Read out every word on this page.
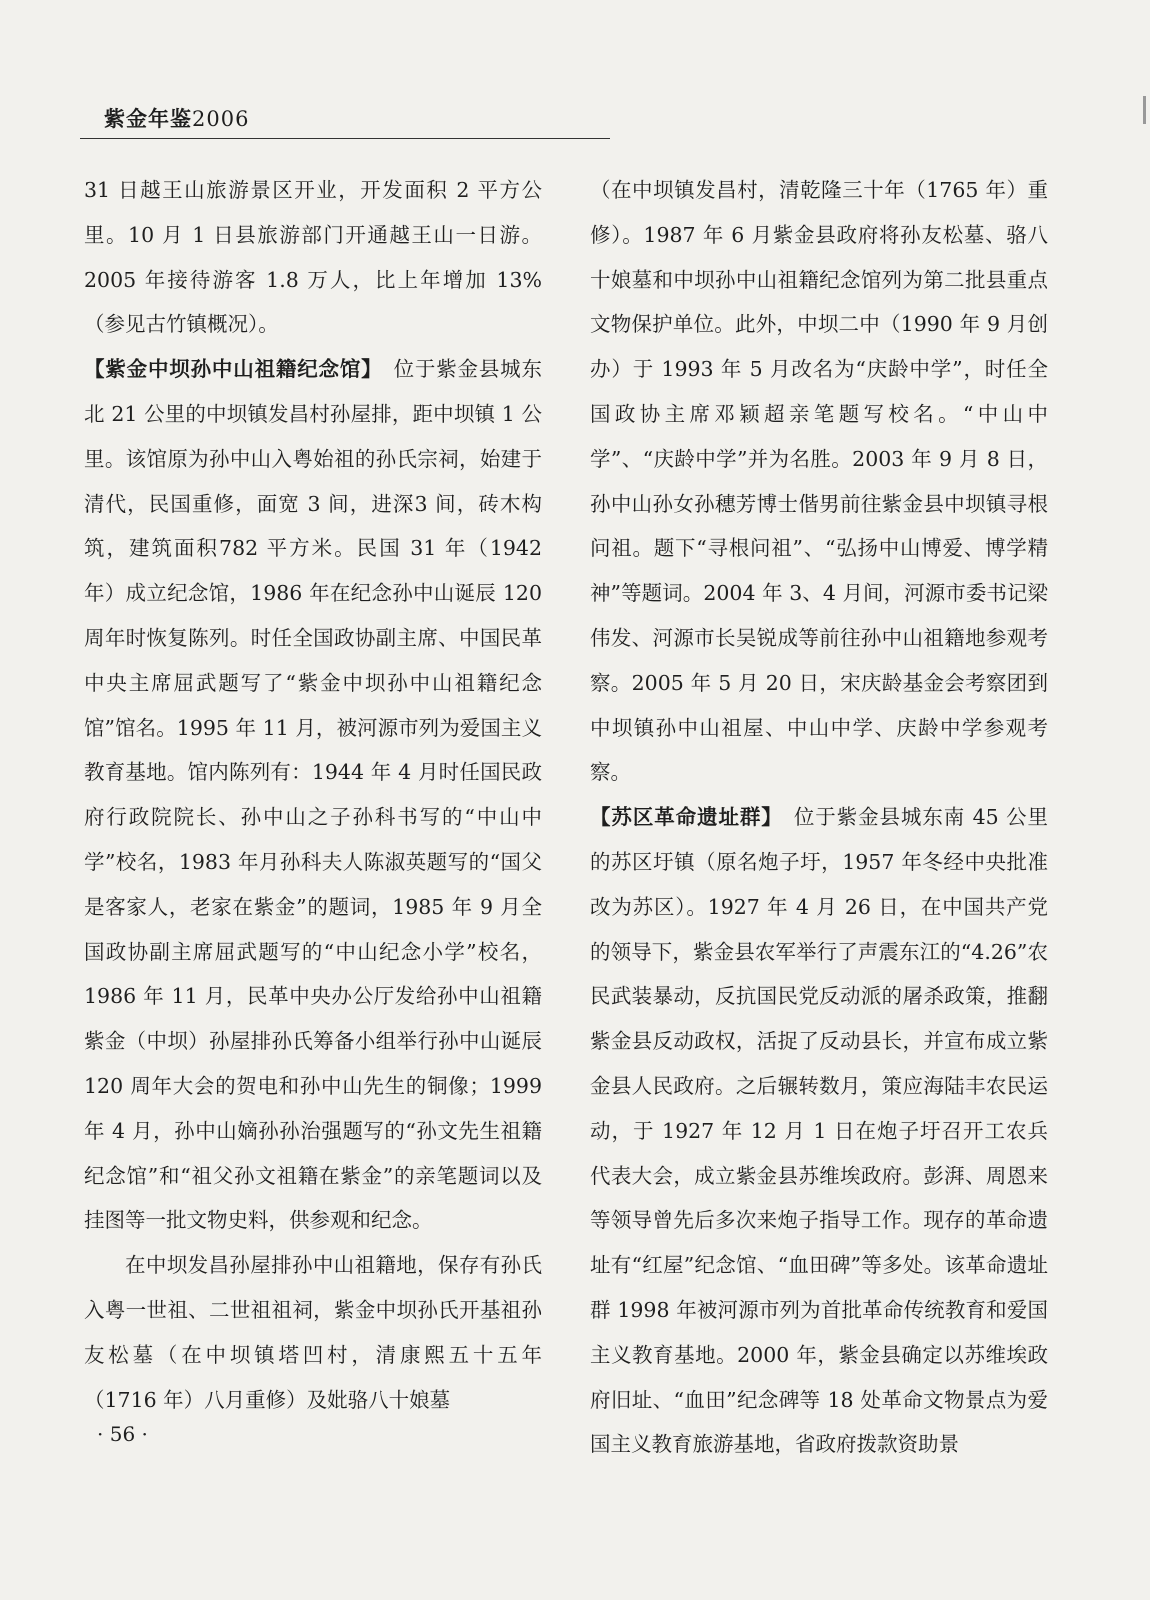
紫金年鉴2006

31 日越王山旅游景区开业，开发面积 2 平方公里。10 月 1 日县旅游部门开通越王山一日游。2005 年接待游客 1.8 万人，比上年增加 13%（参见古竹镇概况）。

【紫金中坝孙中山祖籍纪念馆】　位于紫金县城东北 21 公里的中坝镇发昌村孙屋排，距中坝镇 1 公里。该馆原为孙中山入粤始祖的孙氏宗祠，始建于清代，民国重修，面宽 3 间，进深3 间，砖木构筑，建筑面积782 平方米。民国 31 年（1942 年）成立纪念馆，1986 年在纪念孙中山诞辰 120 周年时恢复陈列。时任全国政协副主席、中国民革中央主席屈武题写了“紫金中坝孙中山祖籍纪念馆”馆名。1995 年 11 月，被河源市列为爱国主义教育基地。馆内陈列有：1944 年 4 月时任国民政府行政院院长、孙中山之子孙科书写的“中山中学”校名，1983 年月孙科夫人陈淑英题写的“国父是客家人，老家在紫金”的题词，1985 年 9 月全国政协副主席屈武题写的“中山纪念小学”校名，1986 年 11 月，民革中央办公厅发给孙中山祖籍紫金（中坝）孙屋排孙氏筹备小组举行孙中山诞辰 120 周年大会的贺电和孙中山先生的铜像；1999 年 4 月，孙中山嫡孙孙治强题写的“孙文先生祖籍纪念馆”和“祖父孙文祖籍在紫金”的亲笔题词以及挂图等一批文物史料，供参观和纪念。

在中坝发昌孙屋排孙中山祖籍地，保存有孙氏入粤一世祖、二世祖祖祠，紫金中坝孙氏开基祖孙友松墓（在中坝镇塔凹村，清康熙五十五年（1716 年）八月重修）及妣骆八十娘墓

（在中坝镇发昌村，清乾隆三十年（1765 年）重修）。1987 年 6 月紫金县政府将孙友松墓、骆八十娘墓和中坝孙中山祖籍纪念馆列为第二批县重点文物保护单位。此外，中坝二中（1990 年 9 月创办）于 1993 年 5 月改名为“庆龄中学”，时任全国政协主席邓颖超亲笔题写校名。“中山中学”、“庆龄中学”并为名胜。2003 年 9 月 8 日，孙中山孙女孙穗芳博士偕男前往紫金县中坝镇寻根问祖。题下“寻根问祖”、“弘扬中山博爱、博学精神”等题词。2004 年 3、4 月间，河源市委书记梁伟发、河源市长吴锐成等前往孙中山祖籍地参观考察。2005 年 5 月 20 日，宋庆龄基金会考察团到中坝镇孙中山祖屋、中山中学、庆龄中学参观考察。

【苏区革命遗址群】　位于紫金县城东南 45 公里的苏区圩镇（原名炮子圩，1957 年冬经中央批准改为苏区）。1927 年 4 月 26 日，在中国共产党的领导下，紫金县农军举行了声震东江的“4.26”农民武装暴动，反抗国民党反动派的屠杀政策，推翻紫金县反动政权，活捉了反动县长，并宣布成立紫金县人民政府。之后辗转数月，策应海陆丰农民运动，于 1927 年 12 月 1 日在炮子圩召开工农兵代表大会，成立紫金县苏维埃政府。彭湃、周恩来等领导曾先后多次来炮子指导工作。现存的革命遗址有“红屋”纪念馆、“血田碑”等多处。该革命遗址群 1998 年被河源市列为首批革命传统教育和爱国主义教育基地。2000 年，紫金县确定以苏维埃政府旧址、“血田”纪念碑等 18 处革命文物景点为爱国主义教育旅游基地，省政府拨款资助景

· 56 ·
